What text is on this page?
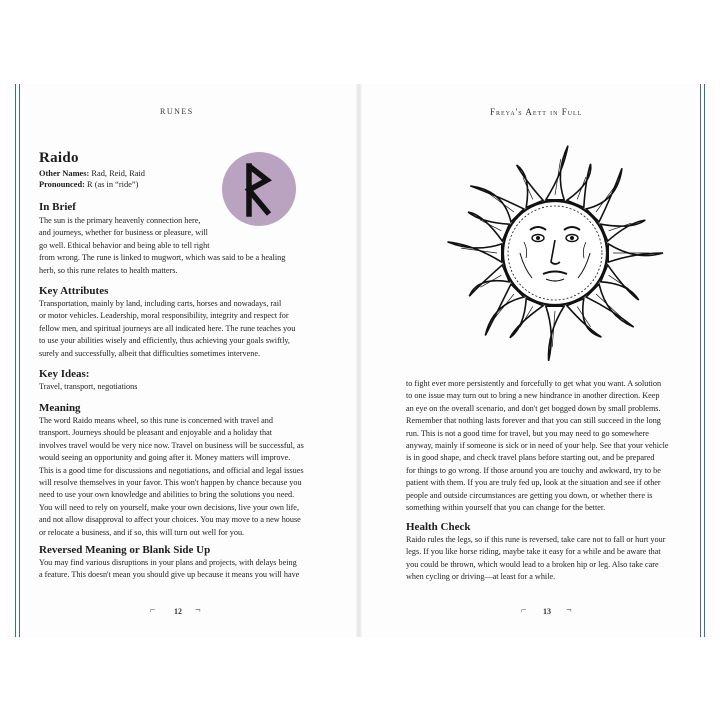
RUNES	Freya's Aett in Full
Raido
Other Names: Rad, Reid, Raid
Pronounced: R (as in “ride”)
In Brief
The sun is the primary heavenly connection here,
and journeys, whether for business or pleasure, will
go well. Ethical behavior and being able to tell right
from wrong. The rune is linked to mugwort, which was said to be a healing
herb, so this rune relates to health matters.
Key Attributes
Transportation, mainly by land, including carts, horses and nowadays, rail
or motor vehicles. Leadership, moral responsibility, integrity and respect for
fellow men, and spiritual journeys are all indicated here. The rune teaches you
to use your abilities wisely and efficiently, thus achieving your goals swiftly,
surely and successfully, albeit that difficulties sometimes intervene.
Key Ideas:
Travel, transport, negotiations
Meaning
The word Raido means wheel, so this rune is concerned with travel and
transport. Journeys should be pleasant and enjoyable and a holiday that
involves travel would be very nice now. Travel on business will be successful, as
would seeing an opportunity and going after it. Money matters will improve.
This is a good time for discussions and negotiations, and official and legal issues
will resolve themselves in your favor. This won't happen by chance because you
need to use your own knowledge and abilities to bring the solutions you need.
You will need to rely on yourself, make your own decisions, live your own life,
and not allow disapproval to affect your choices. You may move to a new house
or relocate a business, and if so, this will turn out well for you.
Reversed Meaning or Blank Side Up
You may find various disruptions in your plans and projects, with delays being
a feature. This doesn't mean you should give up because it means you will have
⌐ 12 ¬
to fight ever more persistently and forcefully to get what you want. A solution
to one issue may turn out to bring a new hindrance in another direction. Keep
an eye on the overall scenario, and don't get bogged down by small problems.
Remember that nothing lasts forever and that you can still succeed in the long
run. This is not a good time for travel, but you may need to go somewhere
anyway, mainly if someone is sick or in need of your help. See that your vehicle
is in good shape, and check travel plans before starting out, and be prepared
for things to go wrong. If those around you are touchy and awkward, try to be
patient with them. If you are truly fed up, look at the situation and see if other
people and outside circumstances are getting you down, or whether there is
something within yourself that you can change for the better.
Health Check
Raido rules the legs, so if this rune is reversed, take care not to fall or hurt your
legs. If you like horse riding, maybe take it easy for a while and be aware that
you could be thrown, which would lead to a broken hip or leg. Also take care
when cycling or driving—at least for a while.
⌐ 13 ¬
